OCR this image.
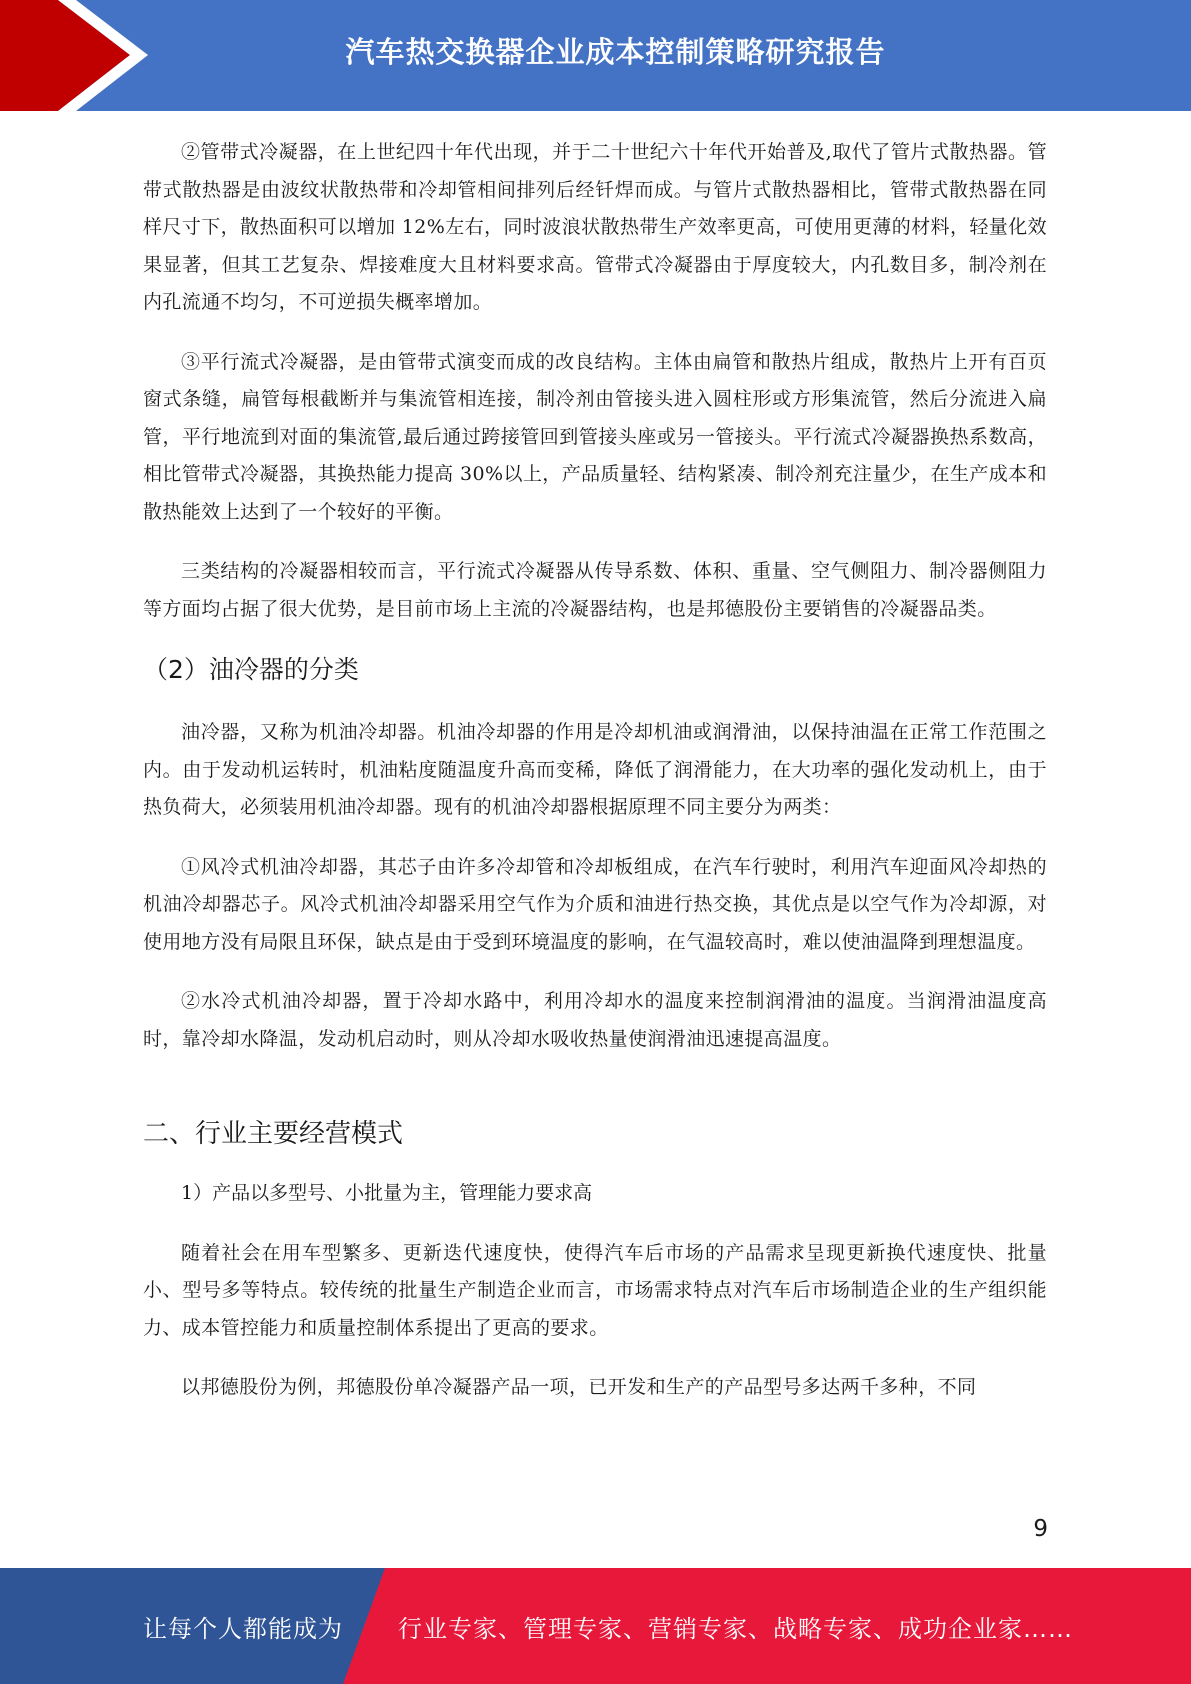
汽车热交换器企业成本控制策略研究报告

②管带式冷凝器，在上世纪四十年代出现，并于二十世纪六十年代开始普及,取代了管片式散热器。管带式散热器是由波纹状散热带和冷却管相间排列后经钎焊而成。与管片式散热器相比，管带式散热器在同样尺寸下，散热面积可以增加 12%左右，同时波浪状散热带生产效率更高，可使用更薄的材料，轻量化效果显著，但其工艺复杂、焊接难度大且材料要求高。管带式冷凝器由于厚度较大，内孔数目多，制冷剂在内孔流通不均匀，不可逆损失概率增加。

③平行流式冷凝器，是由管带式演变而成的改良结构。主体由扁管和散热片组成，散热片上开有百页窗式条缝，扁管每根截断并与集流管相连接，制冷剂由管接头进入圆柱形或方形集流管，然后分流进入扁管，平行地流到对面的集流管,最后通过跨接管回到管接头座或另一管接头。平行流式冷凝器换热系数高，相比管带式冷凝器，其换热能力提高 30%以上，产品质量轻、结构紧凑、制冷剂充注量少，在生产成本和散热能效上达到了一个较好的平衡。

三类结构的冷凝器相较而言，平行流式冷凝器从传导系数、体积、重量、空气侧阻力、制冷器侧阻力等方面均占据了很大优势，是目前市场上主流的冷凝器结构，也是邦德股份主要销售的冷凝器品类。

（2）油冷器的分类

油冷器，又称为机油冷却器。机油冷却器的作用是冷却机油或润滑油，以保持油温在正常工作范围之内。由于发动机运转时，机油粘度随温度升高而变稀，降低了润滑能力，在大功率的强化发动机上，由于热负荷大，必须装用机油冷却器。现有的机油冷却器根据原理不同主要分为两类：

①风冷式机油冷却器，其芯子由许多冷却管和冷却板组成，在汽车行驶时，利用汽车迎面风冷却热的机油冷却器芯子。风冷式机油冷却器采用空气作为介质和油进行热交换，其优点是以空气作为冷却源，对使用地方没有局限且环保，缺点是由于受到环境温度的影响，在气温较高时，难以使油温降到理想温度。

②水冷式机油冷却器，置于冷却水路中，利用冷却水的温度来控制润滑油的温度。当润滑油温度高时，靠冷却水降温，发动机启动时，则从冷却水吸收热量使润滑油迅速提高温度。

二、行业主要经营模式

1）产品以多型号、小批量为主，管理能力要求高

随着社会在用车型繁多、更新迭代速度快，使得汽车后市场的产品需求呈现更新换代速度快、批量小、型号多等特点。较传统的批量生产制造企业而言，市场需求特点对汽车后市场制造企业的生产组织能力、成本管控能力和质量控制体系提出了更高的要求。

以邦德股份为例，邦德股份单冷凝器产品一项，已开发和生产的产品型号多达两千多种，不同

9
让每个人都能成为 行业专家、管理专家、营销专家、战略专家、成功企业家……
